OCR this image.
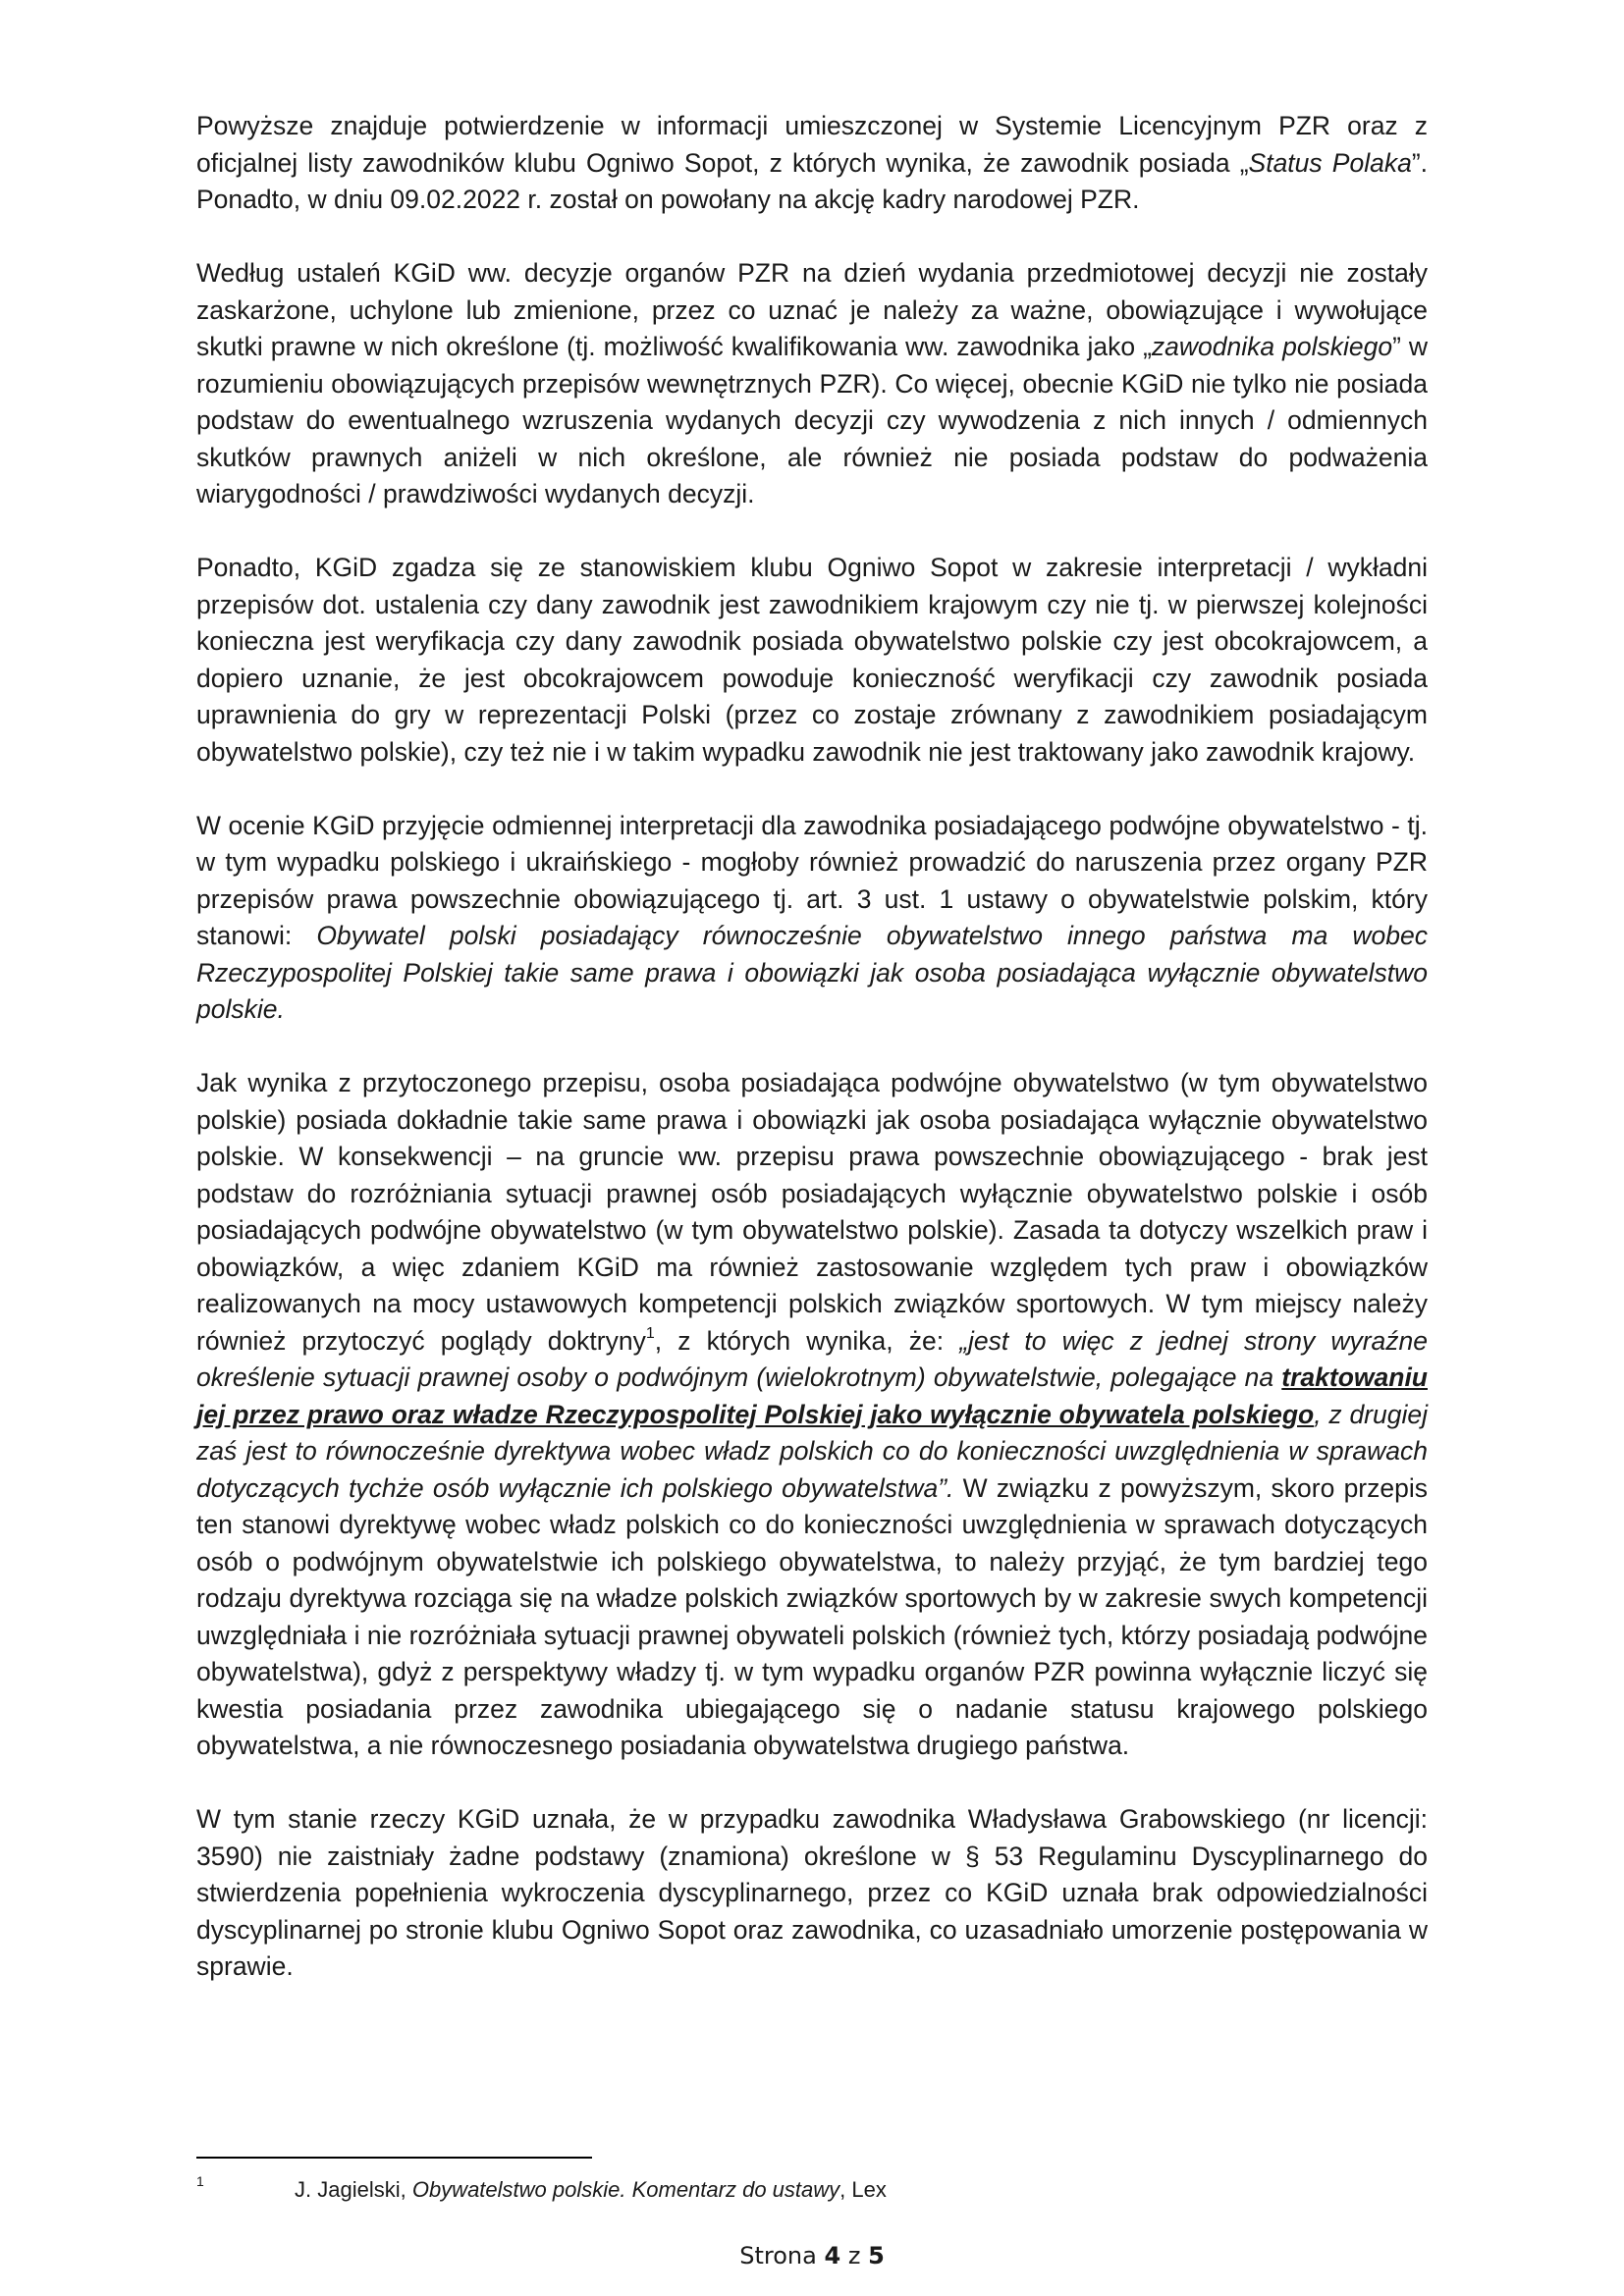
Powyższe znajduje potwierdzenie w informacji umieszczonej w Systemie Licencyjnym PZR oraz z oficjalnej listy zawodników klubu Ogniwo Sopot, z których wynika, że zawodnik posiada „Status Polaka”. Ponadto, w dniu 09.02.2022 r. został on powołany na akcję kadry narodowej PZR.

Według ustaleń KGiD ww. decyzje organów PZR na dzień wydania przedmiotowej decyzji nie zostały zaskarżone, uchylone lub zmienione, przez co uznać je należy za ważne, obowiązujące i wywołujące skutki prawne w nich określone (tj. możliwość kwalifikowania ww. zawodnika jako „zawodnika polskiego” w rozumieniu obowiązujących przepisów wewnętrznych PZR). Co więcej, obecnie KGiD nie tylko nie posiada podstaw do ewentualnego wzruszenia wydanych decyzji czy wywodzenia z nich innych / odmiennych skutków prawnych aniżeli w nich określone, ale również nie posiada podstaw do podważenia wiarygodności / prawdziwości wydanych decyzji.

Ponadto, KGiD zgadza się ze stanowiskiem klubu Ogniwo Sopot w zakresie interpretacji / wykładni przepisów dot. ustalenia czy dany zawodnik jest zawodnikiem krajowym czy nie tj. w pierwszej kolejności konieczna jest weryfikacja czy dany zawodnik posiada obywatelstwo polskie czy jest obcokrajowcem, a dopiero uznanie, że jest obcokrajowcem powoduje konieczność weryfikacji czy zawodnik posiada uprawnienia do gry w reprezentacji Polski (przez co zostaje zrównany z zawodnikiem posiadającym obywatelstwo polskie), czy też nie i w takim wypadku zawodnik nie jest traktowany jako zawodnik krajowy.

W ocenie KGiD przyjęcie odmiennej interpretacji dla zawodnika posiadającego podwójne obywatelstwo - tj. w tym wypadku polskiego i ukraińskiego - mogłoby również prowadzić do naruszenia przez organy PZR przepisów prawa powszechnie obowiązującego tj. art. 3 ust. 1 ustawy o obywatelstwie polskim, który stanowi: Obywatel polski posiadający równocześnie obywatelstwo innego państwa ma wobec Rzeczypospolitej Polskiej takie same prawa i obowiązki jak osoba posiadająca wyłącznie obywatelstwo polskie.

Jak wynika z przytoczonego przepisu, osoba posiadająca podwójne obywatelstwo (w tym obywatelstwo polskie) posiada dokładnie takie same prawa i obowiązki jak osoba posiadająca wyłącznie obywatelstwo polskie. W konsekwencji – na gruncie ww. przepisu prawa powszechnie obowiązującego - brak jest podstaw do rozróżniania sytuacji prawnej osób posiadających wyłącznie obywatelstwo polskie i osób posiadających podwójne obywatelstwo (w tym obywatelstwo polskie). Zasada ta dotyczy wszelkich praw i obowiązków, a więc zdaniem KGiD ma również zastosowanie względem tych praw i obowiązków realizowanych na mocy ustawowych kompetencji polskich związków sportowych. W tym miejscy należy również przytoczyć poglądy doktryny$^1$, z których wynika, że: „jest to więc z jednej strony wyraźne określenie sytuacji prawnej osoby o podwójnym (wielokrotnym) obywatelstwie, polegające na traktowaniu jej przez prawo oraz władze Rzeczypospolitej Polskiej jako wyłącznie obywatela polskiego, z drugiej zaś jest to równocześnie dyrektywa wobec władz polskich co do konieczności uwzględnienia w sprawach dotyczących tychże osób wyłącznie ich polskiego obywatelstwa”. W związku z powyższym, skoro przepis ten stanowi dyrektywę wobec władz polskich co do konieczności uwzględnienia w sprawach dotyczących osób o podwójnym obywatelstwie ich polskiego obywatelstwa, to należy przyjąć, że tym bardziej tego rodzaju dyrektywa rozciąga się na władze polskich związków sportowych by w zakresie swych kompetencji uwzględniała i nie rozróżniała sytuacji prawnej obywateli polskich (również tych, którzy posiadają podwójne obywatelstwa), gdyż z perspektywy władzy tj. w tym wypadku organów PZR powinna wyłącznie liczyć się kwestia posiadania przez zawodnika ubiegającego się o nadanie statusu krajowego polskiego obywatelstwa, a nie równoczesnego posiadania obywatelstwa drugiego państwa.

W tym stanie rzeczy KGiD uznała, że w przypadku zawodnika Władysława Grabowskiego (nr licencji: 3590) nie zaistniały żadne podstawy (znamiona) określone w § 53 Regulaminu Dyscyplinarnego do stwierdzenia popełnienia wykroczenia dyscyplinarnego, przez co KGiD uznała brak odpowiedzialności dyscyplinarnej po stronie klubu Ogniwo Sopot oraz zawodnika, co uzasadniało umorzenie postępowania w sprawie.

1	J. Jagielski, Obywatelstwo polskie. Komentarz do ustawy, Lex
Strona 4 z 5
